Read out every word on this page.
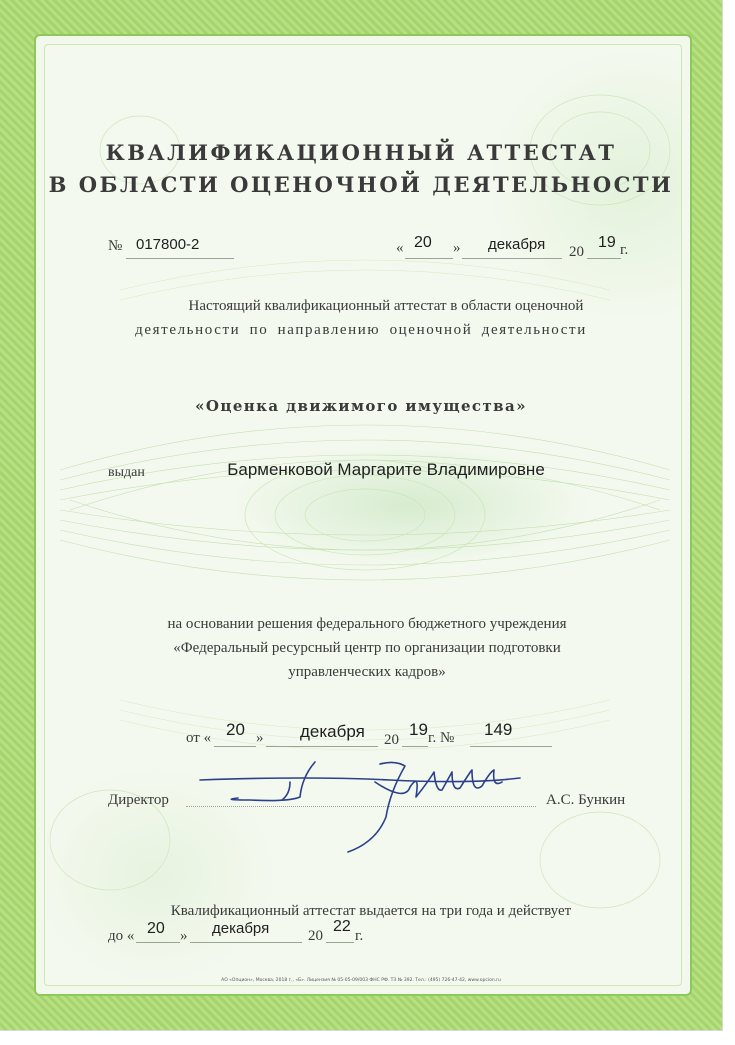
КВАЛИФИКАЦИОННЫЙ АТТЕСТАТ
В ОБЛАСТИ ОЦЕНОЧНОЙ ДЕЯТЕЛЬНОСТИ
№ 017800-2	« 20 » декабря 20
19 г.
Настоящий квалификационный аттестат в области оценочной
деятельности по направлению оценочной деятельности
«Оценка движимого имущества»
выдан	Барменковой Маргарите Владимировне
на основании решения федерального бюджетного учреждения
«Федеральный ресурсный центр по организации подготовки
управленческих кадров»
от « 20 » декабря 20
19 г. № 149
Директор	А.С. Бункин
Квалификационный аттестат выдается на три года и действует
до « 20 » декабря	20
22
г.
АО «Опцион», Москва, 2018 г., «Б». Лицензия № 05-05-09/003 ФНС РФ. ТЗ № 392. Тел.: (495) 726-47-42, www.opcion.ru
